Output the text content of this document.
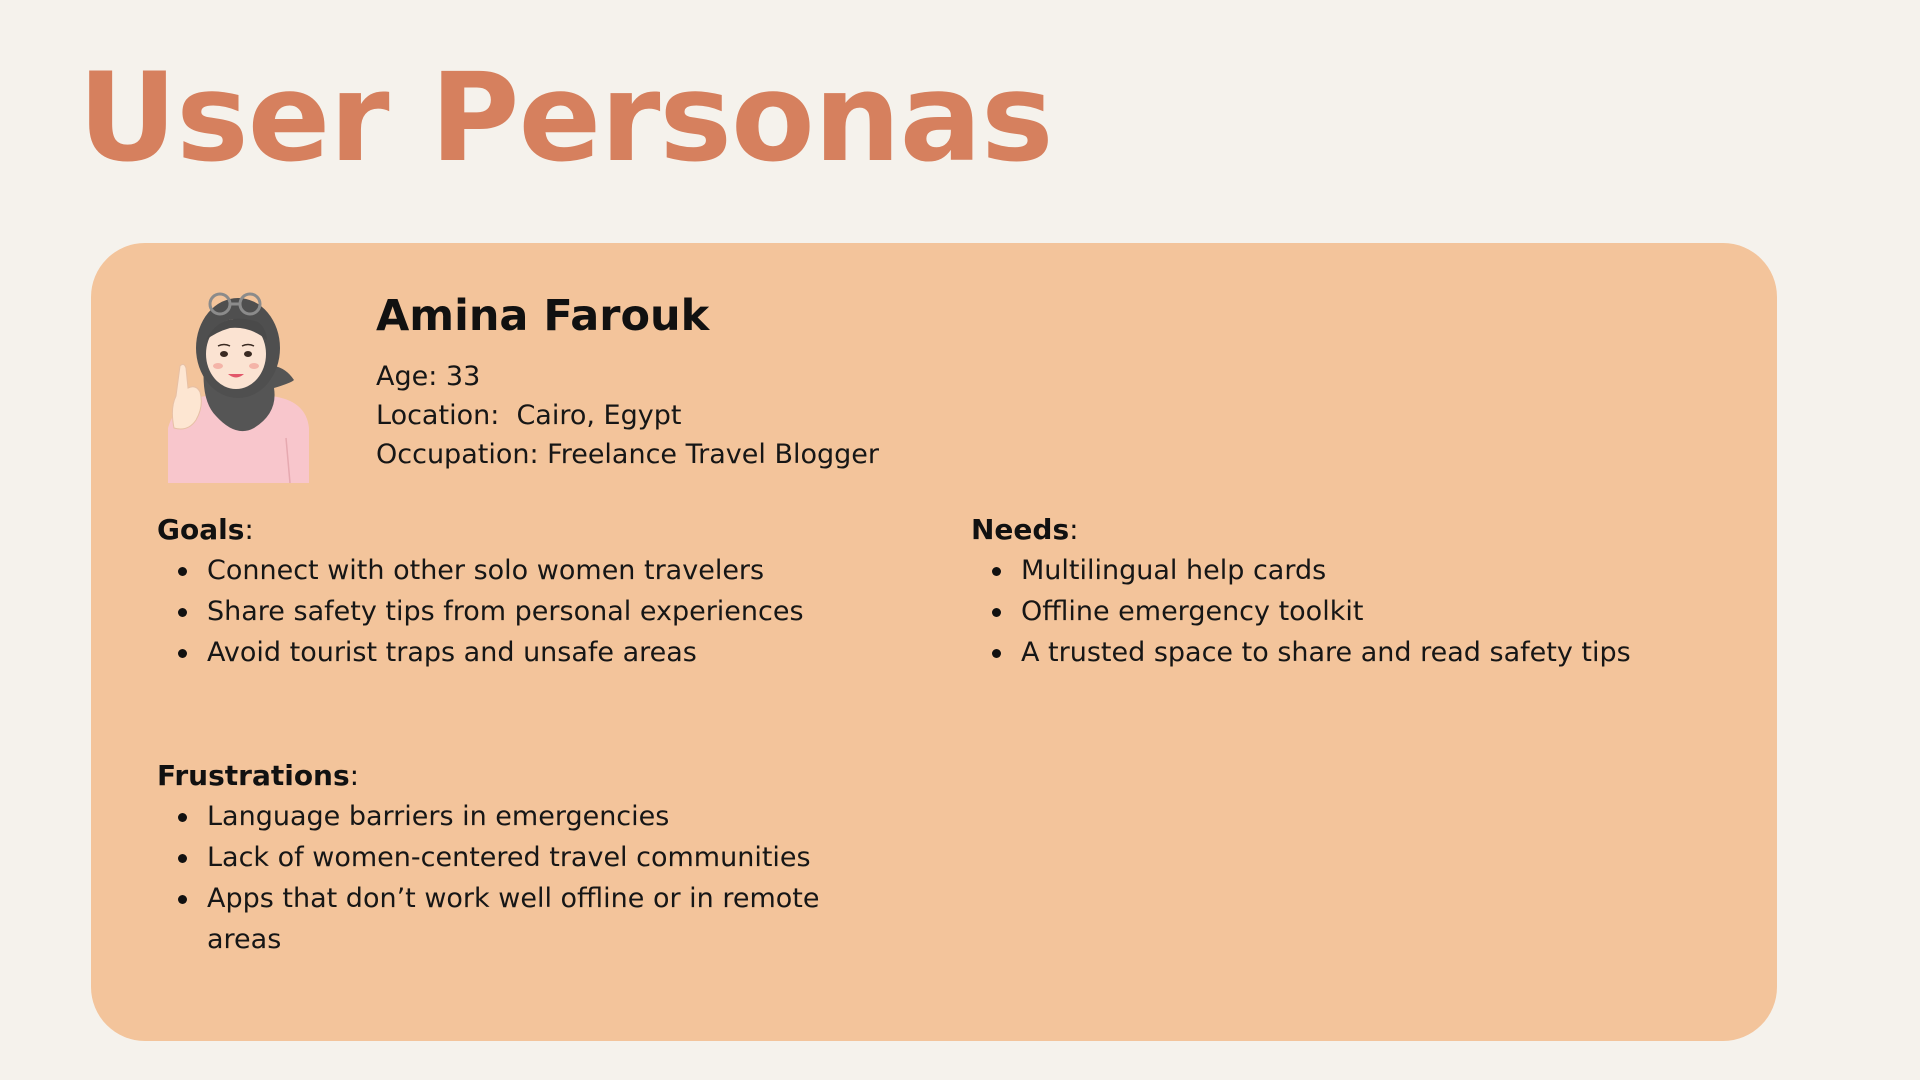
User Personas
Amina Farouk
Age: 33
Location:  Cairo, Egypt
Occupation: Freelance Travel Blogger

Goals:

Connect with other solo women travelers
Share safety tips from personal experiences
Avoid tourist traps and unsafe areas

Needs:

Multilingual help cards
Offline emergency toolkit
A trusted space to share and read safety tips

Frustrations:

Language barriers in emergencies
Lack of women-centered travel communities
Apps that don’t work well offline or in remote areas
